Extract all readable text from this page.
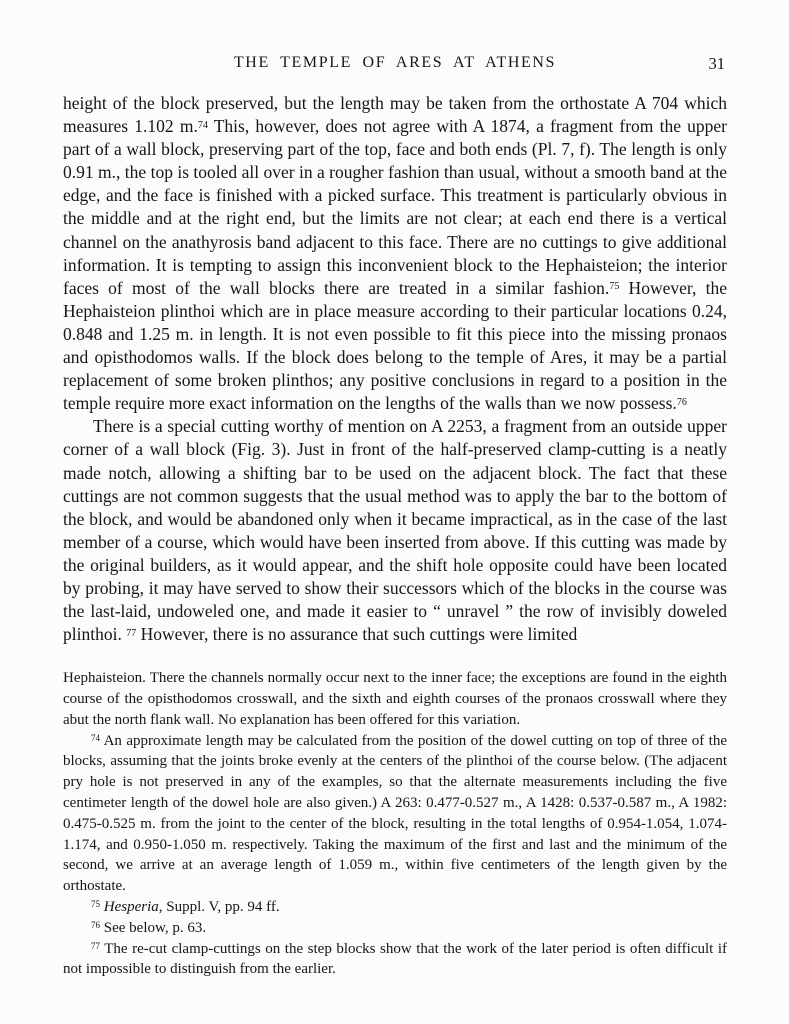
THE TEMPLE OF ARES AT ATHENS	31

height of the block preserved, but the length may be taken from the orthostate A 704 which measures 1.102 m.$^{74}$ This, however, does not agree with A 1874, a fragment from the upper part of a wall block, preserving part of the top, face and both ends (Pl. 7, f). The length is only 0.91 m., the top is tooled all over in a rougher fashion than usual, without a smooth band at the edge, and the face is finished with a picked surface. This treatment is particularly obvious in the middle and at the right end, but the limits are not clear; at each end there is a vertical channel on the anathyrosis band adjacent to this face. There are no cuttings to give additional information. It is tempting to assign this inconvenient block to the Hephaisteion; the interior faces of most of the wall blocks there are treated in a similar fashion.$^{75}$ However, the Hephaisteion plinthoi which are in place measure according to their particular locations 0.24, 0.848 and 1.25 m. in length. It is not even possible to fit this piece into the missing pronaos and opisthodomos walls. If the block does belong to the temple of Ares, it may be a partial replacement of some broken plinthos; any positive conclusions in regard to a position in the temple require more exact information on the lengths of the walls than we now possess.$^{76}$

There is a special cutting worthy of mention on A 2253, a fragment from an outside upper corner of a wall block (Fig. 3). Just in front of the half-preserved clamp-cutting is a neatly made notch, allowing a shifting bar to be used on the adjacent block. The fact that these cuttings are not common suggests that the usual method was to apply the bar to the bottom of the block, and would be abandoned only when it became impractical, as in the case of the last member of a course, which would have been inserted from above. If this cutting was made by the original builders, as it would appear, and the shift hole opposite could have been located by probing, it may have served to show their successors which of the blocks in the course was the last-laid, undoweled one, and made it easier to “ unravel ” the row of invisibly doweled plinthoi. $^{77}$ However, there is no assurance that such cuttings were limited

Hephaisteion. There the channels normally occur next to the inner face; the exceptions are found in the eighth course of the opisthodomos crosswall, and the sixth and eighth courses of the pronaos crosswall where they abut the north flank wall. No explanation has been offered for this variation.

$^{74}$ An approximate length may be calculated from the position of the dowel cutting on top of three of the blocks, assuming that the joints broke evenly at the centers of the plinthoi of the course below. (The adjacent pry hole is not preserved in any of the examples, so that the alternate measurements including the five centimeter length of the dowel hole are also given.) A 263: 0.477-0.527 m., A 1428: 0.537-0.587 m., A 1982: 0.475-0.525 m. from the joint to the center of the block, resulting in the total lengths of 0.954-1.054, 1.074-1.174, and 0.950-1.050 m. respectively. Taking the maximum of the first and last and the minimum of the second, we arrive at an average length of 1.059 m., within five centimeters of the length given by the orthostate.

$^{75}$ Hesperia, Suppl. V, pp. 94 ff.

$^{76}$ See below, p. 63.

$^{77}$ The re-cut clamp-cuttings on the step blocks show that the work of the later period is often difficult if not impossible to distinguish from the earlier.
